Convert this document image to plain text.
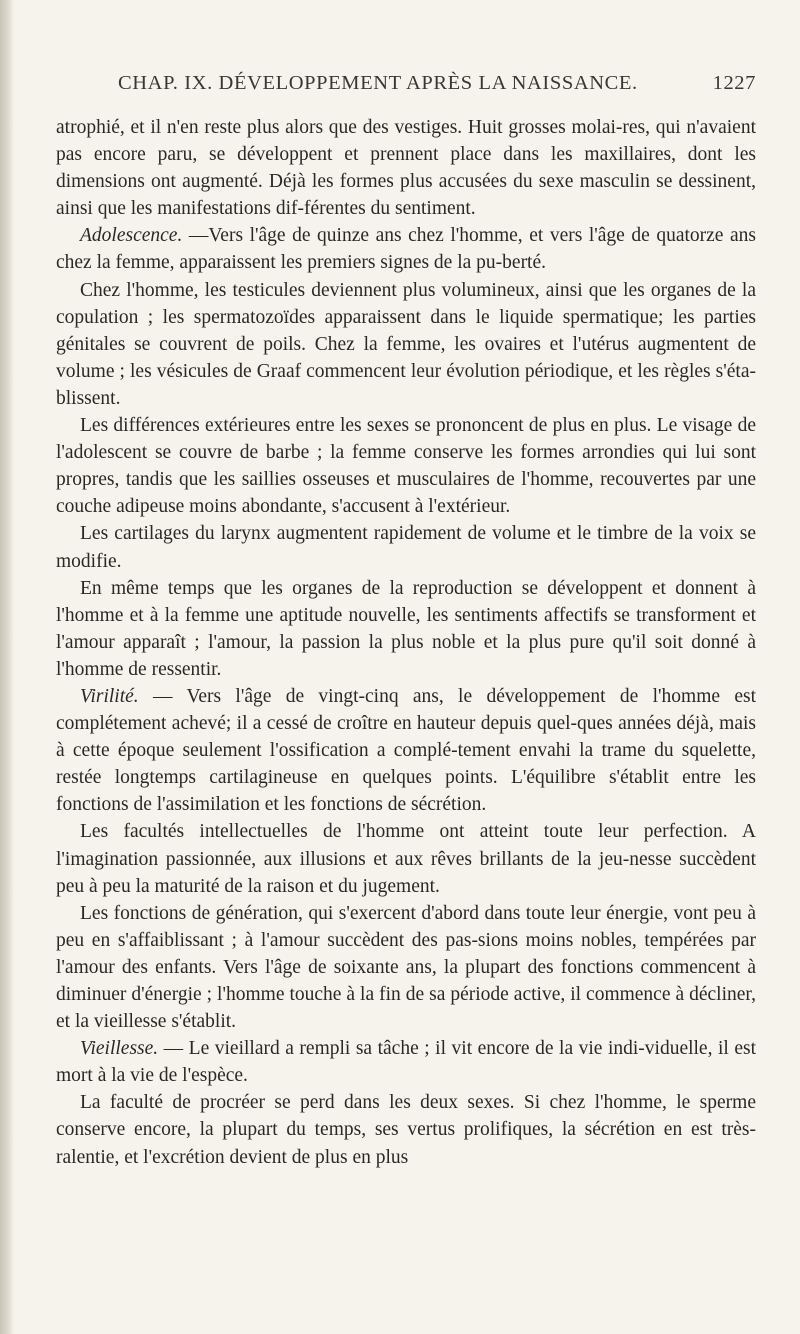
CHAP. IX. DÉVELOPPEMENT APRÈS LA NAISSANCE.	1227

atrophié, et il n'en reste plus alors que des vestiges. Huit grosses molai-res, qui n'avaient pas encore paru, se développent et prennent place dans les maxillaires, dont les dimensions ont augmenté. Déjà les formes plus accusées du sexe masculin se dessinent, ainsi que les manifestations dif-férentes du sentiment.

Adolescence. —Vers l'âge de quinze ans chez l'homme, et vers l'âge de quatorze ans chez la femme, apparaissent les premiers signes de la pu-berté.

Chez l'homme, les testicules deviennent plus volumineux, ainsi que les organes de la copulation ; les spermatozoïdes apparaissent dans le liquide spermatique; les parties génitales se couvrent de poils. Chez la femme, les ovaires et l'utérus augmentent de volume ; les vésicules de Graaf commencent leur évolution périodique, et les règles s'éta-blissent.

Les différences extérieures entre les sexes se prononcent de plus en plus. Le visage de l'adolescent se couvre de barbe ; la femme conserve les formes arrondies qui lui sont propres, tandis que les saillies osseuses et musculaires de l'homme, recouvertes par une couche adipeuse moins abondante, s'accusent à l'extérieur.

Les cartilages du larynx augmentent rapidement de volume et le timbre de la voix se modifie.

En même temps que les organes de la reproduction se développent et donnent à l'homme et à la femme une aptitude nouvelle, les sentiments affectifs se transforment et l'amour apparaît ; l'amour, la passion la plus noble et la plus pure qu'il soit donné à l'homme de ressentir.

Virilité. — Vers l'âge de vingt-cinq ans, le développement de l'homme est complétement achevé; il a cessé de croître en hauteur depuis quel-ques années déjà, mais à cette époque seulement l'ossification a complé-tement envahi la trame du squelette, restée longtemps cartilagineuse en quelques points. L'équilibre s'établit entre les fonctions de l'assimilation et les fonctions de sécrétion.

Les facultés intellectuelles de l'homme ont atteint toute leur perfection. A l'imagination passionnée, aux illusions et aux rêves brillants de la jeu-nesse succèdent peu à peu la maturité de la raison et du jugement.

Les fonctions de génération, qui s'exercent d'abord dans toute leur énergie, vont peu à peu en s'affaiblissant ; à l'amour succèdent des pas-sions moins nobles, tempérées par l'amour des enfants. Vers l'âge de soixante ans, la plupart des fonctions commencent à diminuer d'énergie ; l'homme touche à la fin de sa période active, il commence à décliner, et la vieillesse s'établit.

Vieillesse. — Le vieillard a rempli sa tâche ; il vit encore de la vie indi-viduelle, il est mort à la vie de l'espèce.

La faculté de procréer se perd dans les deux sexes. Si chez l'homme, le sperme conserve encore, la plupart du temps, ses vertus prolifiques, la sécrétion en est très-ralentie, et l'excrétion devient de plus en plus
